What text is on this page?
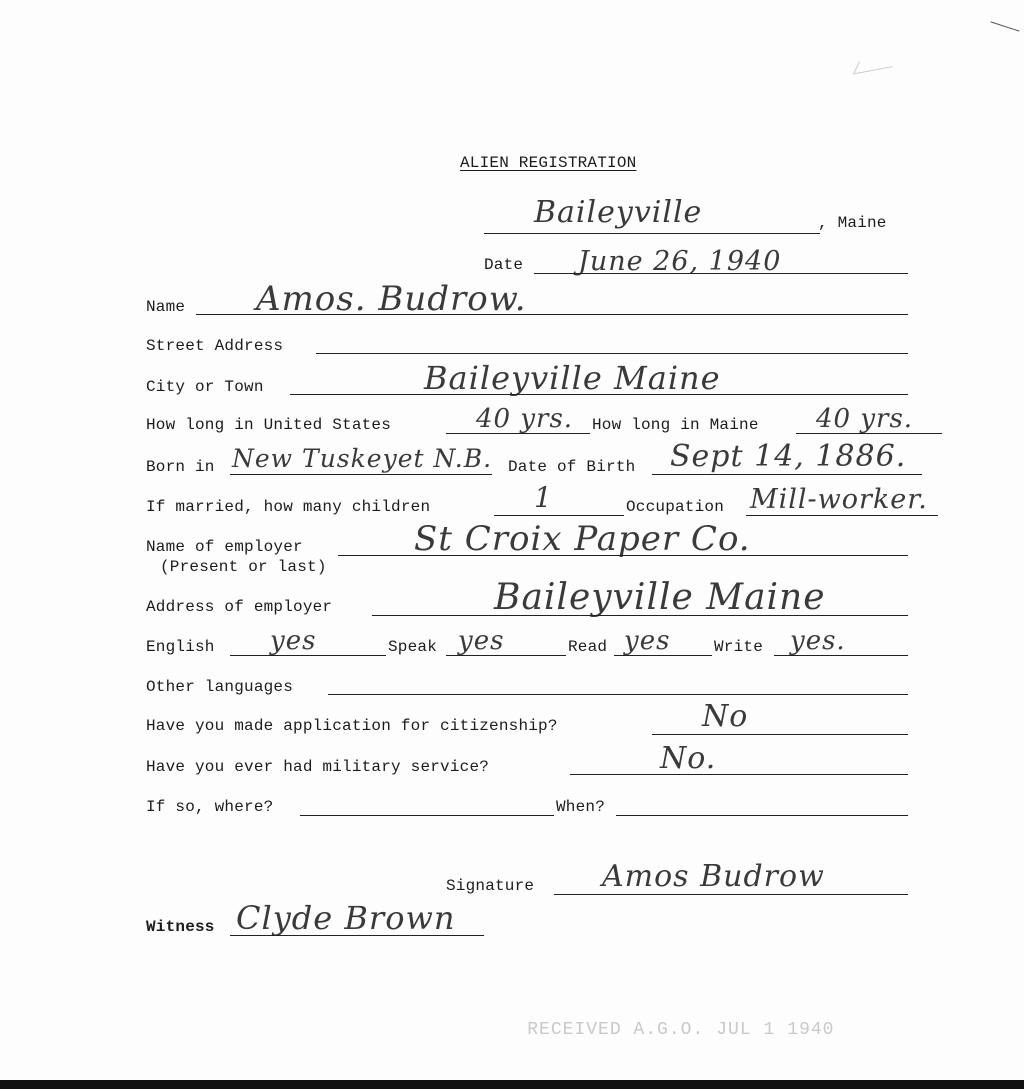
ALIEN REGISTRATION
Baileyville	, Maine
Date June 26, 1940
Name Amos. Budrow.
Street Address
City or Town	Baileyville Maine
How long in United States	40 yrs. How long in Maine 40 yrs.
Born in New Tuskeyet N.B. Date of Birth Sept 14, 1886.
If married, how many children	1	Occupation Mill-worker.
Name of employer
(Present or last)
St Croix Paper Co.
Address of employer	Baileyville Maine
English yes	Speak yes	Read yes	Write yes.
Other languages
Have you made application for citizenship?	No
Have you ever had military service?	No.
If so, where?	When?
Signature Amos Budrow
Witness Clyde Brown

RECEIVED A.G.O. JUL 1 1940
